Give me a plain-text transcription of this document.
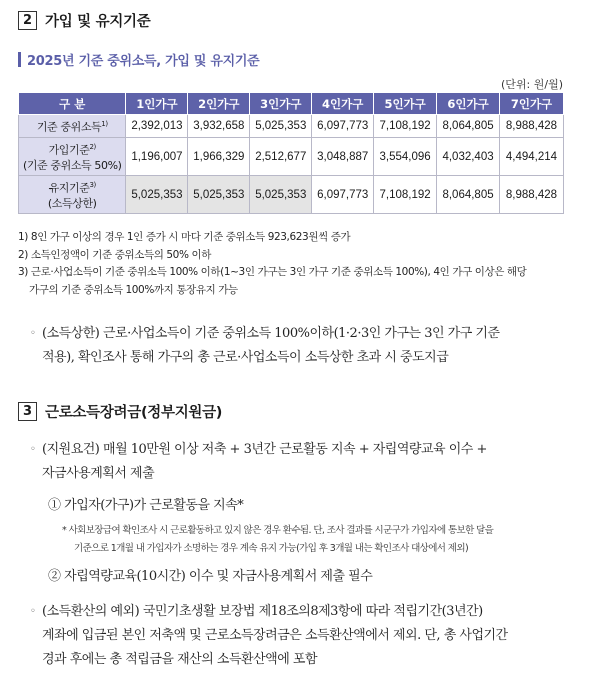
2 가입 및 유지기준
2025년 기준 중위소득, 가입 및 유지기준
(단위: 원/월)
구 분	1인가구	2인가구	3인가구	4인가구	5인가구	6인가구	7인가구
기준 중위소득$^{1)}$	2,392,013	3,932,658	5,025,353	6,097,773	7,108,192	8,064,805	8,988,428
가입기준$^{2)}$
(기준 중위소득 50%)	1,196,007	1,966,329	2,512,677	3,048,887	3,554,096	4,032,403	4,494,214
유지기준$^{3)}$
(소득상한)	5,025,353	5,025,353	5,025,353	6,097,773	7,108,192	8,064,805	8,988,428
1) 8인 가구 이상의 경우 1인 증가 시 마다 기준 중위소득 923,623원씩 증가
2) 소득인정액이 기준 중위소득의 50% 이하
3) 근로·사업소득이 기준 중위소득 100% 이하(1~3인 가구는 3인 가구 기준 중위소득 100%), 4인 가구 이상은 해당
가구의 기준 중위소득 100%까지 통장유지 가능
◦ (소득상한) 근로·사업소득이 기준 중위소득 100%이하(1·2·3인 가구는 3인 가구 기준
적용), 확인조사 통해 가구의 총 근로·사업소득이 소득상한 초과 시 중도지급
3 근로소득장려금(정부지원금)
◦ (지원요건) 매월 10만원 이상 저축 + 3년간 근로활동 지속 + 자립역량교육 이수 +
자금사용계획서 제출
① 가입자(가구)가 근로활동을 지속*
* 사회보장급여 확인조사 시 근로활동하고 있지 않은 경우 환수됨. 단, 조사 결과를 시군구가 가입자에 통보한 달을
기준으로 1개월 내 가입자가 소명하는 경우 계속 유지 가능(가입 후 3개월 내는 확인조사 대상에서 제외)
② 자립역량교육(10시간) 이수 및 자금사용계획서 제출 필수
◦ (소득환산의 예외) 국민기초생활 보장법 제18조의8제3항에 따라 적립기간(3년간)
계좌에 입금된 본인 저축액 및 근로소득장려금은 소득환산액에서 제외. 단, 총 사업기간
경과 후에는 총 적립금을 재산의 소득환산액에 포함
